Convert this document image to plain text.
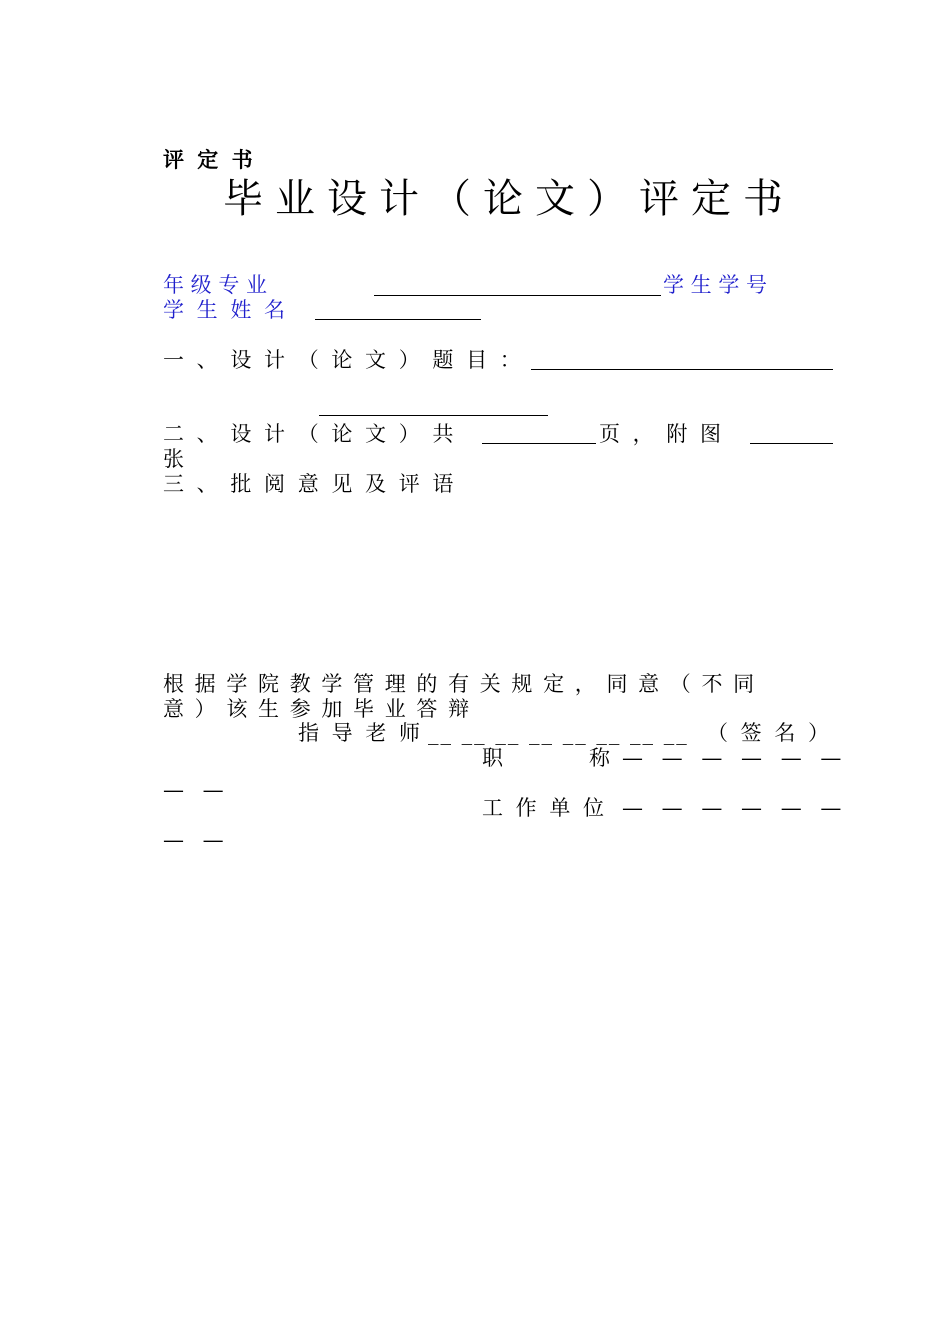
评 定 书
毕业设计（论文）评定书
年 级 专 业	学 生 学 号
学 生 姓 名
一 、 设 计 （ 论 文 ） 题 目 ：
二 、 设 计 （ 论 文 ） 共	页 ， 附 图
张
三 、 批 阅 意 见 及 评 语
根 据 学 院 教 学 管 理 的 有 关 规 定 ， 同 意 （ 不 同
意 ） 该 生 参 加 毕 业 答 辩
指 导 老 师 __ __ __ __ __ __ __ __ （ 签 名 ）
职	称 — — — — — —
— —
工 作 单 位 — — — — — —
— —
